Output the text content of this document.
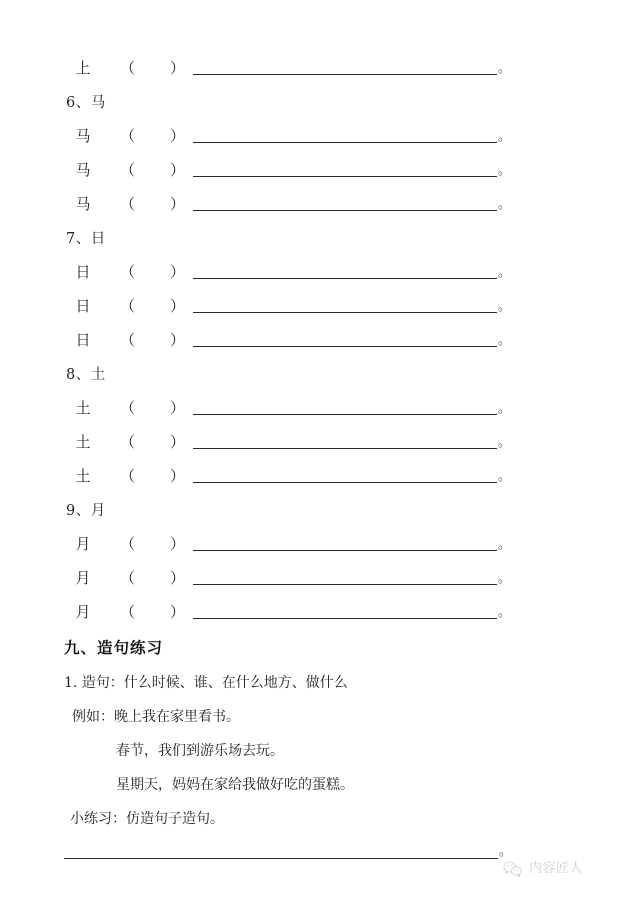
上 （ ）	。
6、马
马 （ ）	。
马 （ ）	。
马 （ ）	。
7、日
日 （ ）	。
日 （ ）	。
日 （ ）	。
8、土
土 （ ）	。
土 （ ）	。
土 （ ）	。
9、月
月 （ ）	。
月 （ ）	。
月 （ ）	。
九、造句练习
1. 造句：什么时候、谁、在什么地方、做什么
例如：晚上我在家里看书。
春节，我们到游乐场去玩。
星期天，妈妈在家给我做好吃的蛋糕。
小练习：仿造句子造句。
。
内容匠人
